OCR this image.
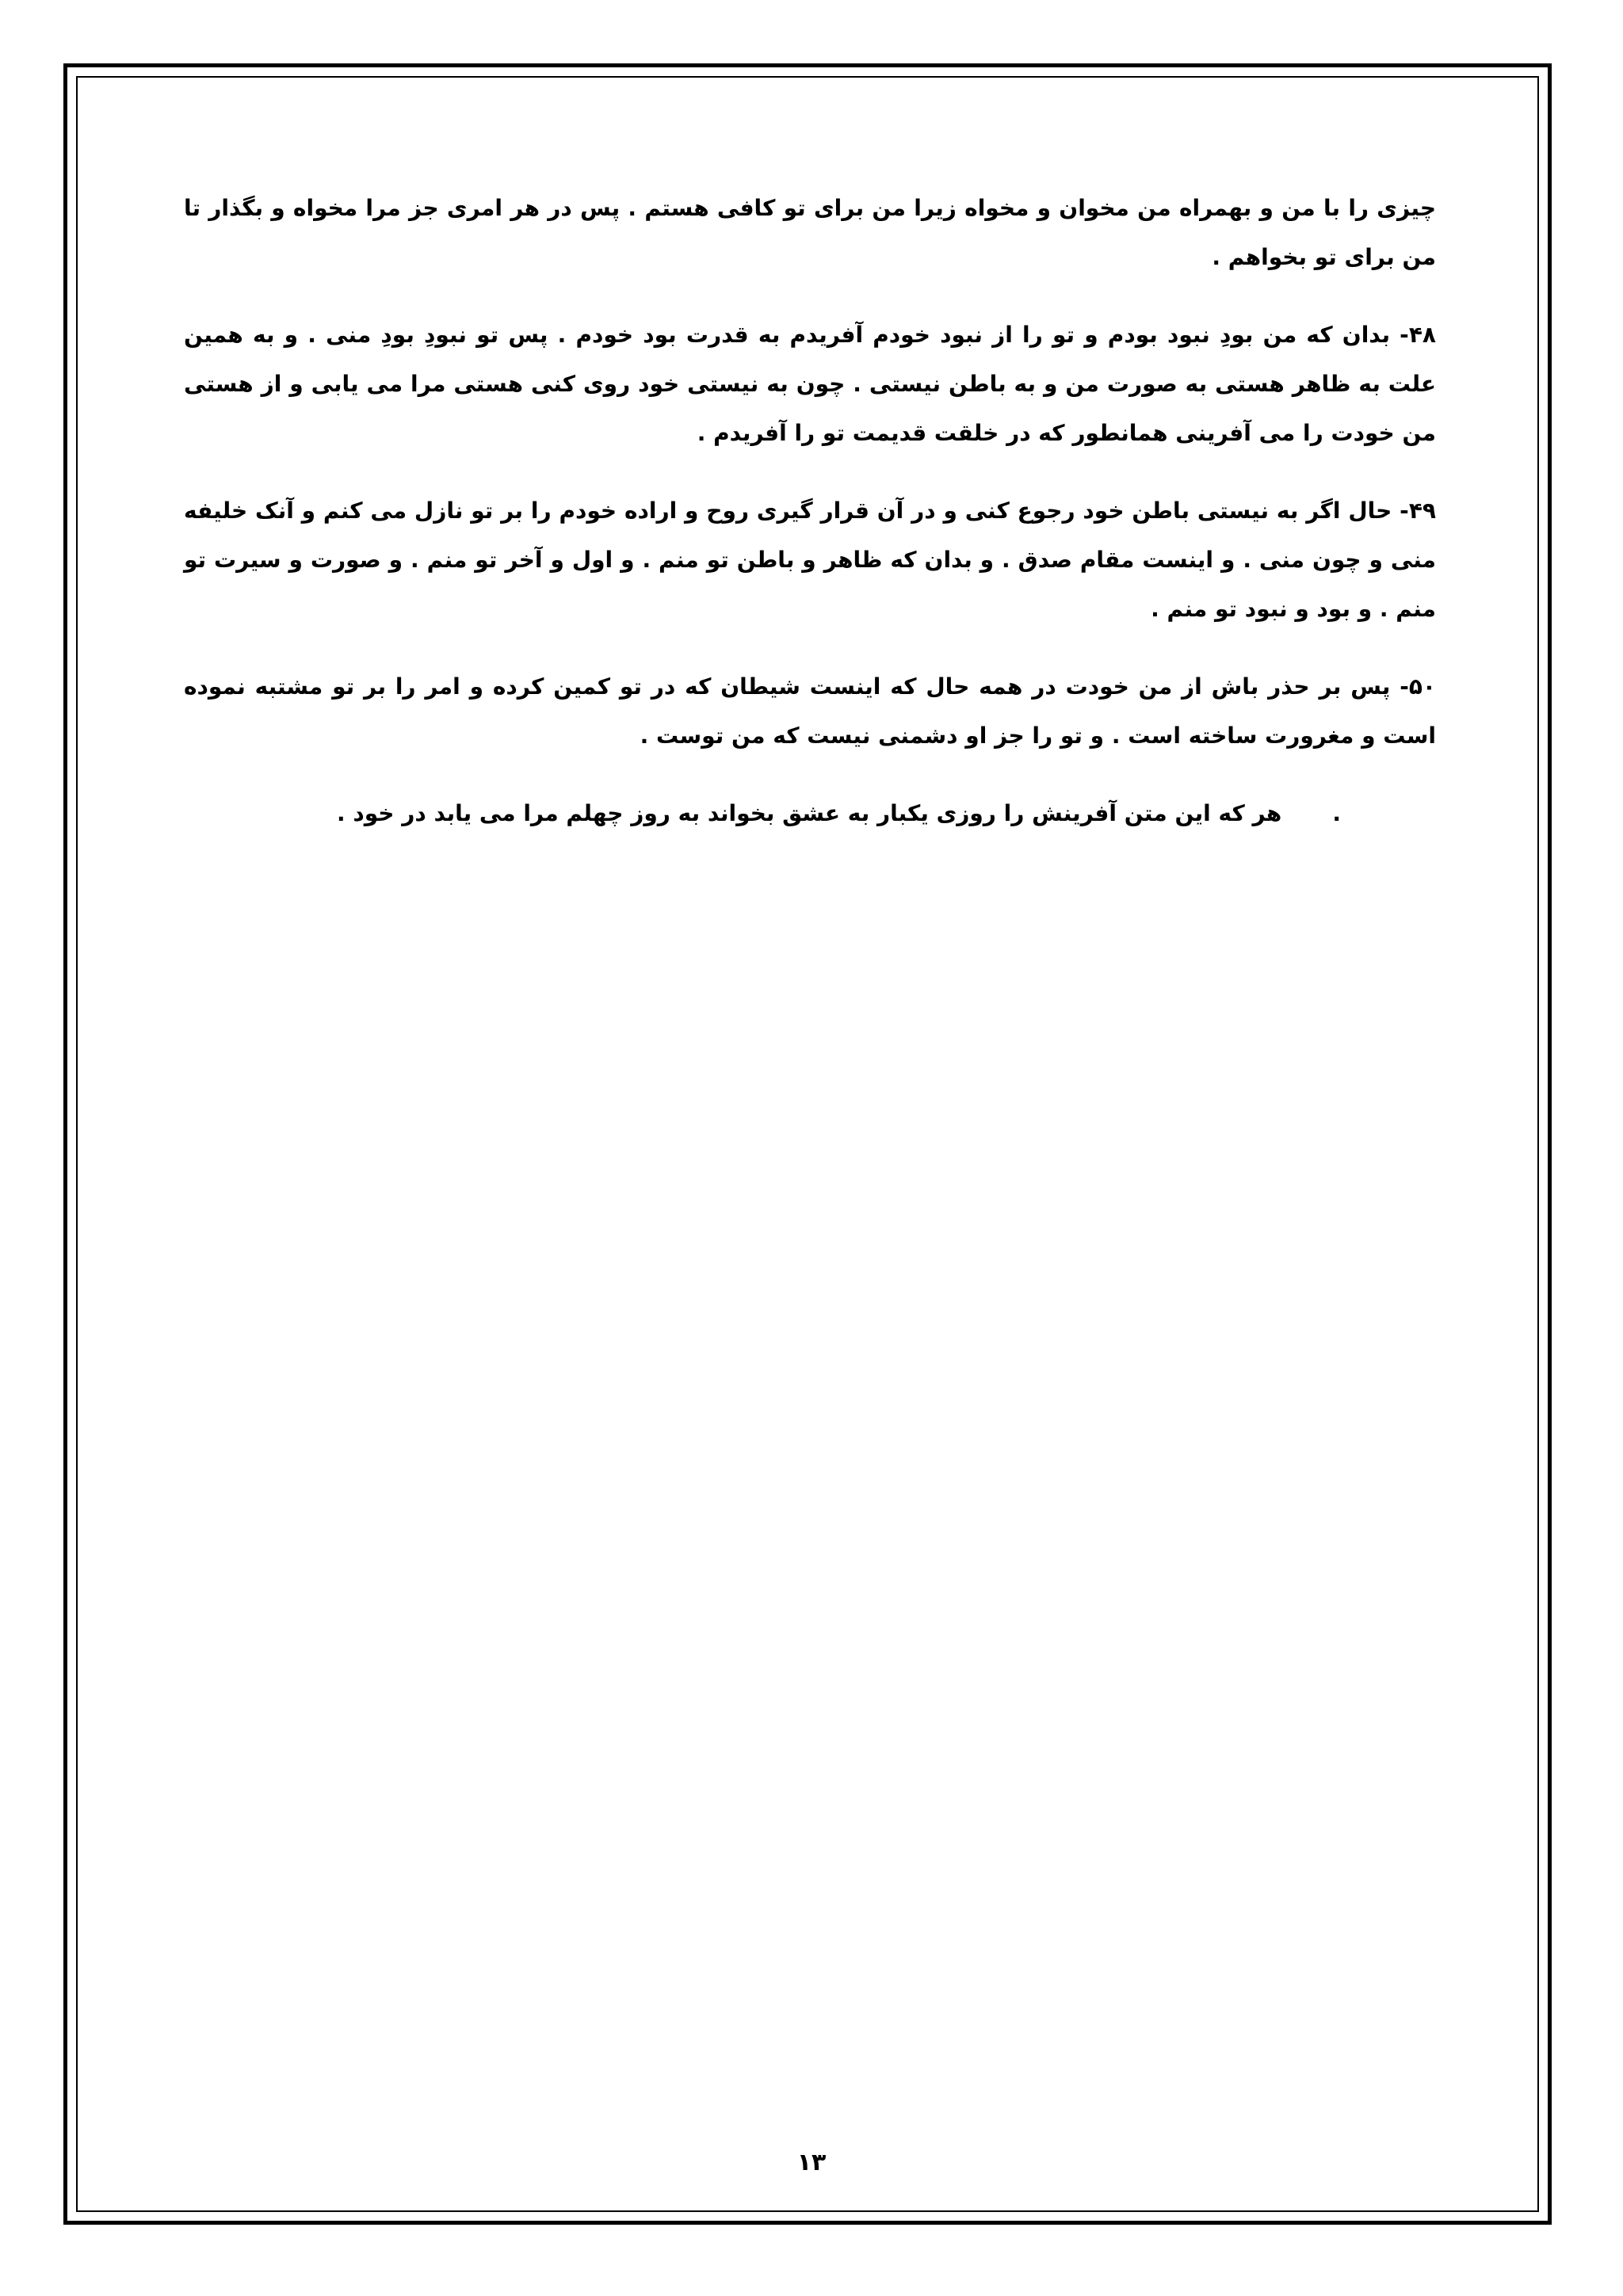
چیزی را با من و بهمراه من مخوان و مخواه زیرا من برای تو کافی هستم . پس در هر امری جز مرا مخواه و بگذار تا من برای تو بخواهم .

۴۸- بدان که من بودِ نبود بودم و تو را از نبود خودم آفریدم به قدرت بود خودم . پس تو نبودِ بودِ منی . و به همین علت به ظاهر هستی به صورت من و به باطن نیستی . چون به نیستی خود روی کنی هستی مرا می یابی و از هستی من خودت را می آفرینی همانطور که در خلقت قدیمت تو را آفریدم .

۴۹- حال اگر به نیستی باطن خود رجوع کنی و در آن قرار گیری روح و اراده خودم را بر تو نازل می کنم و آنک خلیفه منی و چون منی . و اینست مقام صدق . و بدان که ظاهر و باطن تو منم . و اول و آخر تو منم . و صورت و سیرت تو منم . و بود و نبود تو منم .

۵۰- پس بر حذر باش از من خودت در همه حال که اینست شیطان که در تو کمین کرده و امر را بر تو مشتبه نموده است و مغرورت ساخته است . و تو را جز او دشمنی نیست که من توست .

.هر که این متن آفرینش را روزی یکبار به عشق بخواند به روز چهلم مرا می یابد در خود .

۱۳
